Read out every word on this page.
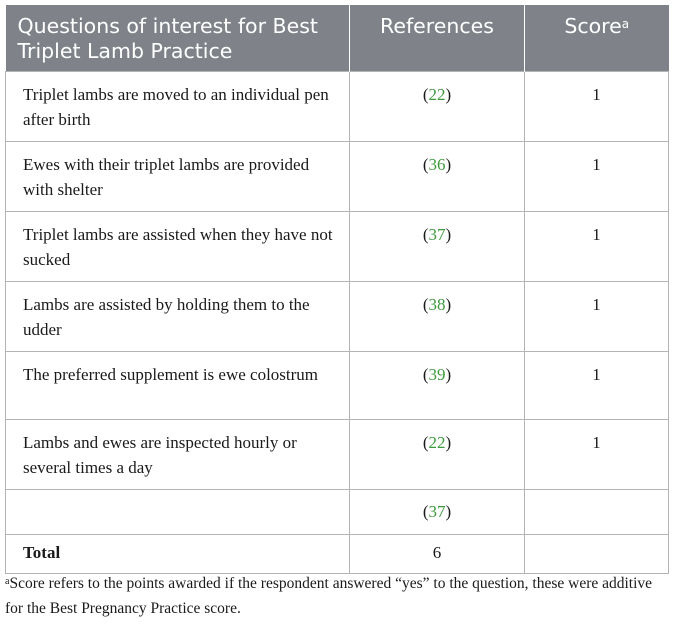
Questions of interest for Best Triplet Lamb Practice	References	Score$^a$
Triplet lambs are moved to an individual pen after birth	(22)	1
Ewes with their triplet lambs are provided with shelter	(36)	1
Triplet lambs are assisted when they have not sucked	(37)	1
Lambs are assisted by holding them to the udder	(38)	1
The preferred supplement is ewe colostrum	(39)	1
Lambs and ewes are inspected hourly or several times a day	(22)	1
	(37)	
Total	6	
$^a$Score refers to the points awarded if the respondent answered “yes” to the question, these were additive for the Best Pregnancy Practice score.
